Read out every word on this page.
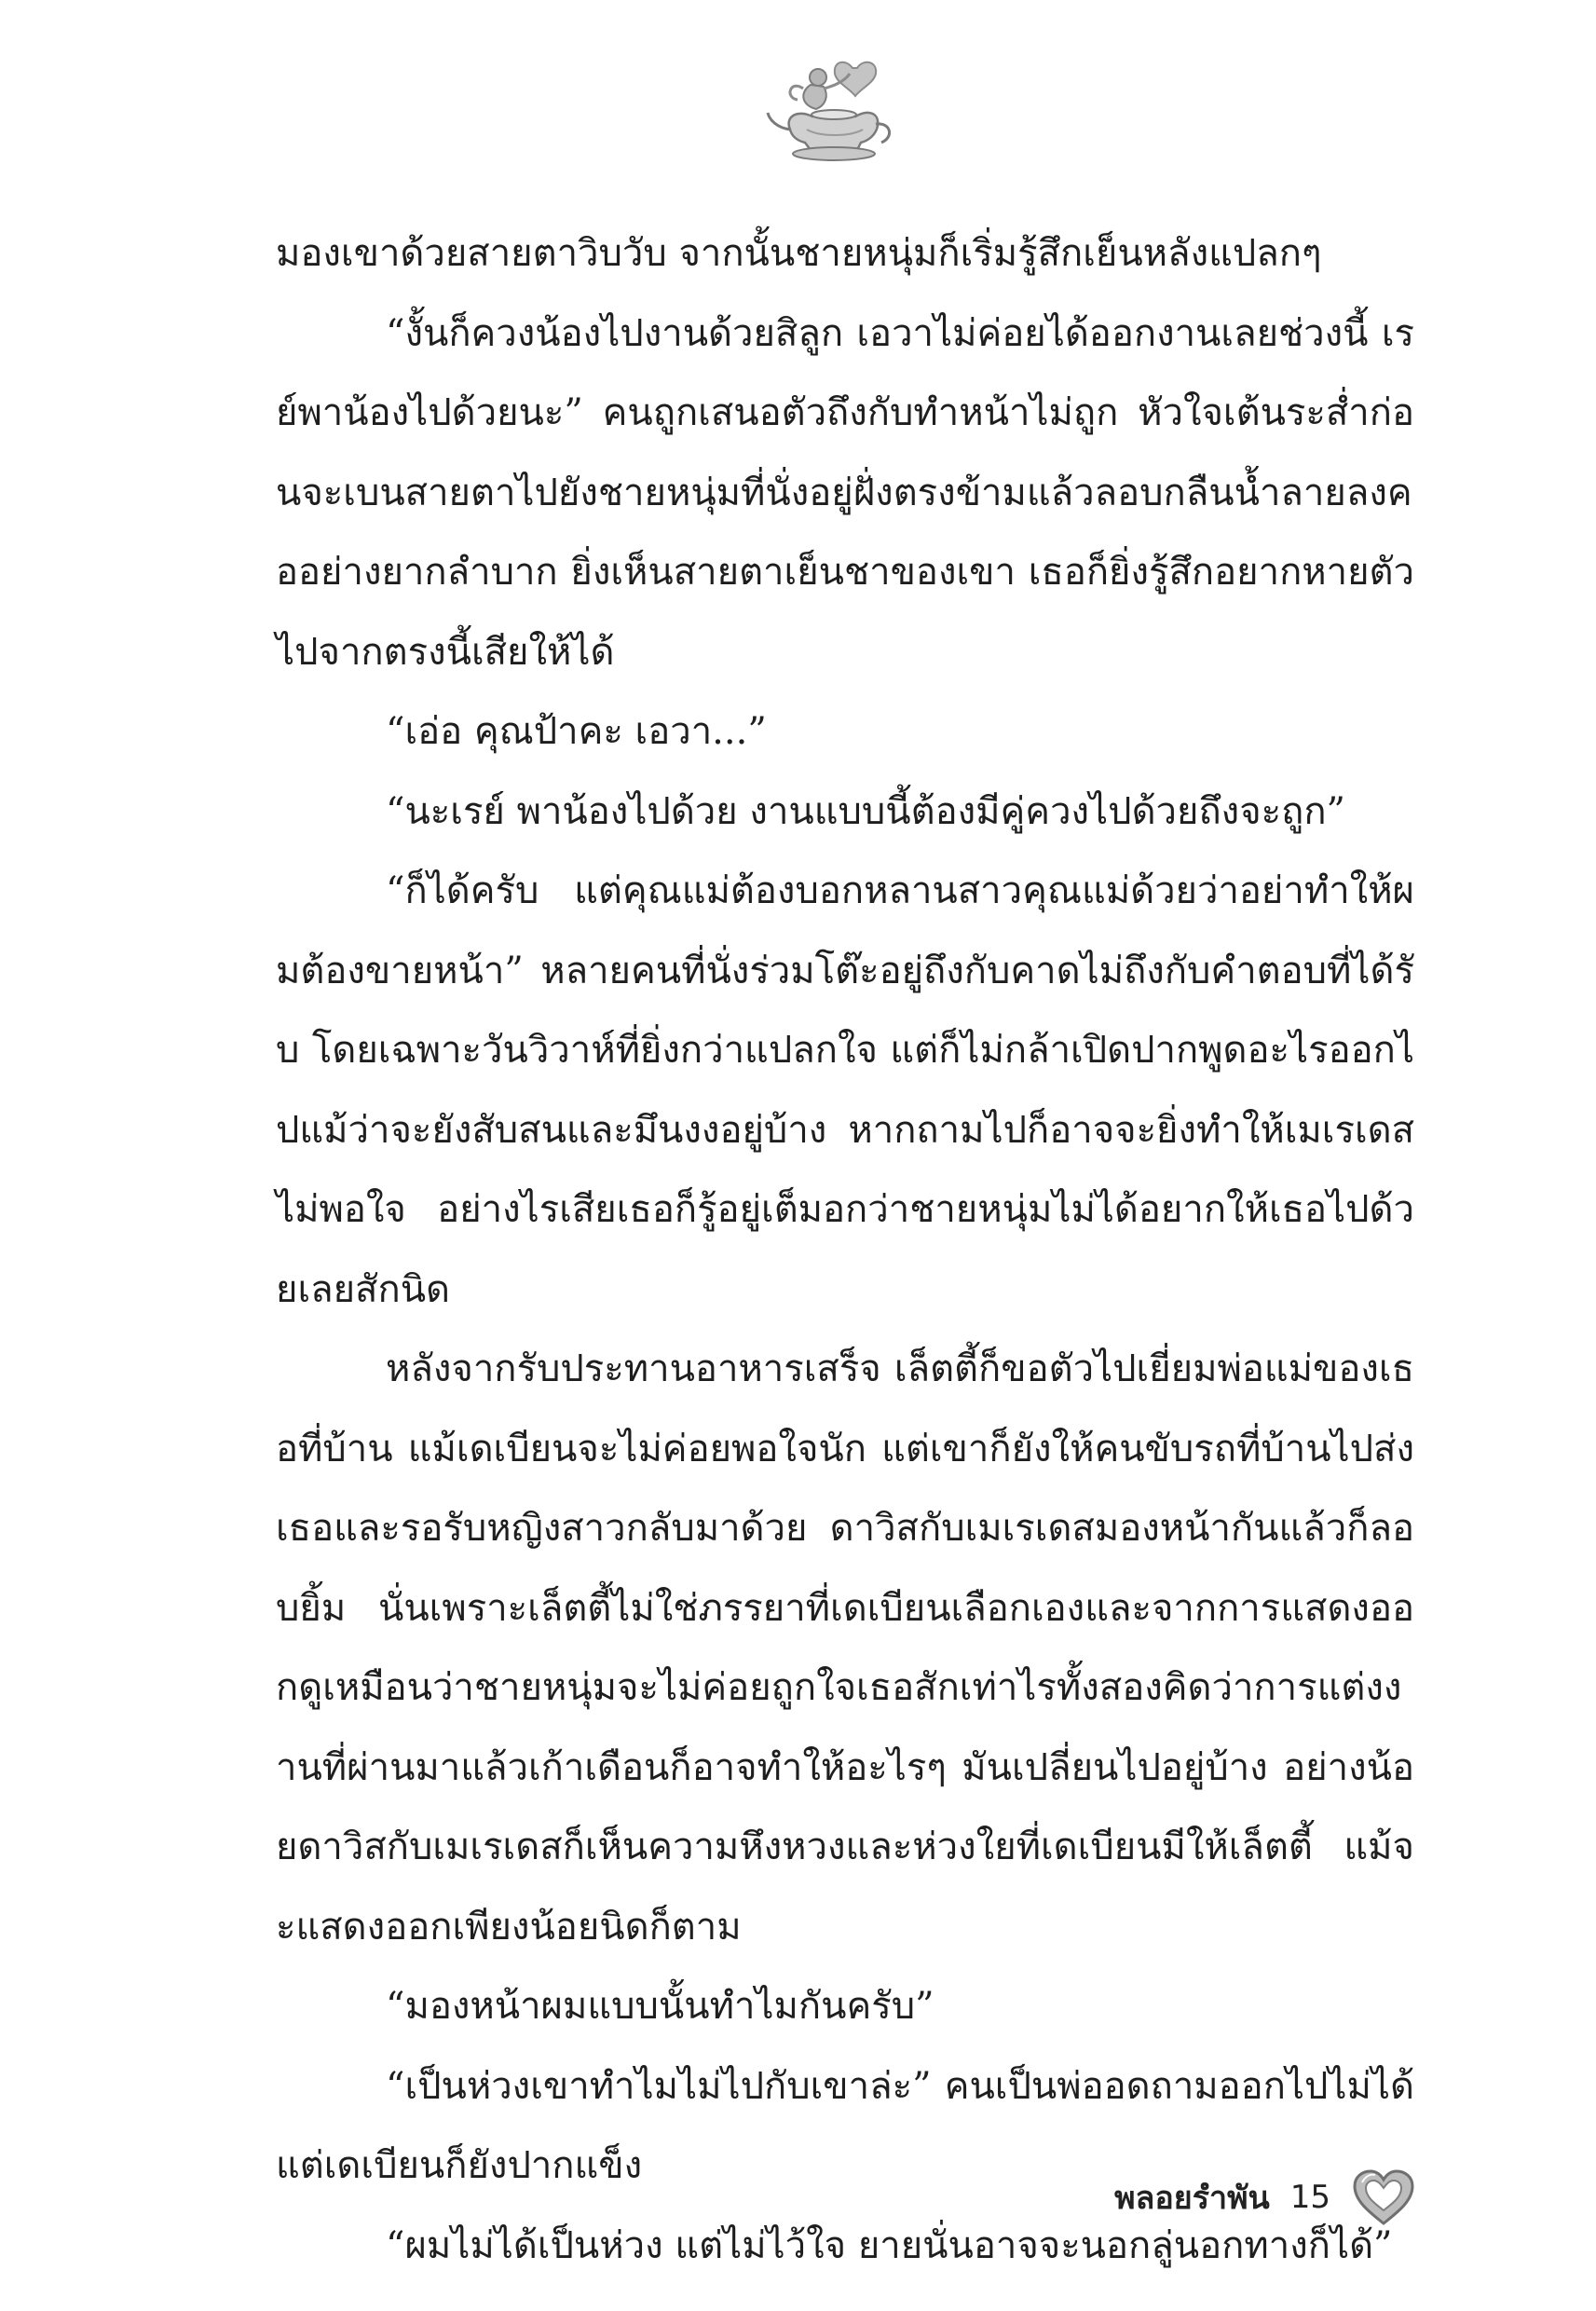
มองเขาด้วยสายตาวิบวับ จากนั้นชายหนุ่มก็เริ่มรู้สึกเย็นหลังแปลกๆ

“งั้นก็ควงน้องไปงานด้วยสิลูก เอวาไม่ค่อยได้ออกงานเลยช่วงนี้ เรย์พาน้องไปด้วยนะ” คนถูกเสนอตัวถึงกับทำหน้าไม่ถูก หัวใจเต้นระส่ำก่อนจะเบนสายตาไปยังชายหนุ่มที่นั่งอยู่ฝั่งตรงข้ามแล้วลอบกลืนน้ำลายลงคออย่างยากลำบาก ยิ่งเห็นสายตาเย็นชาของเขา เธอก็ยิ่งรู้สึกอยากหายตัวไปจากตรงนี้เสียให้ได้

“เอ่อ คุณป้าคะ เอวา...”

“นะเรย์ พาน้องไปด้วย งานแบบนี้ต้องมีคู่ควงไปด้วยถึงจะถูก”

“ก็ได้ครับ แต่คุณแม่ต้องบอกหลานสาวคุณแม่ด้วยว่าอย่าทำให้ผมต้องขายหน้า” หลายคนที่นั่งร่วมโต๊ะอยู่ถึงกับคาดไม่ถึงกับคำตอบที่ได้รับ โดยเฉพาะวันวิวาห์ที่ยิ่งกว่าแปลกใจ แต่ก็ไม่กล้าเปิดปากพูดอะไรออกไปแม้ว่าจะยังสับสนและมึนงงอยู่บ้าง หากถามไปก็อาจจะยิ่งทำให้เมเรเดสไม่พอใจ อย่างไรเสียเธอก็รู้อยู่เต็มอกว่าชายหนุ่มไม่ได้อยากให้เธอไปด้วยเลยสักนิด

หลังจากรับประทานอาหารเสร็จ เล็ตตี้ก็ขอตัวไปเยี่ยมพ่อแม่ของเธอที่บ้าน แม้เดเบียนจะไม่ค่อยพอใจนัก แต่เขาก็ยังให้คนขับรถที่บ้านไปส่งเธอและรอรับหญิงสาวกลับมาด้วย ดาวิสกับเมเรเดสมองหน้ากันแล้วก็ลอบยิ้ม นั่นเพราะเล็ตตี้ไม่ใช่ภรรยาที่เดเบียนเลือกเองและจากการแสดงออกดูเหมือนว่าชายหนุ่มจะไม่ค่อยถูกใจเธอสักเท่าไรทั้งสองคิดว่าการแต่งงานที่ผ่านมาแล้วเก้าเดือนก็อาจทำให้อะไรๆ มันเปลี่ยนไปอยู่บ้าง อย่างน้อยดาวิสกับเมเรเดสก็เห็นความหึงหวงและห่วงใยที่เดเบียนมีให้เล็ตตี้ แม้จะแสดงออกเพียงน้อยนิดก็ตาม

“มองหน้าผมแบบนั้นทำไมกันครับ”

“เป็นห่วงเขาทำไมไม่ไปกับเขาล่ะ” คนเป็นพ่ออดถามออกไปไม่ได้ แต่เดเบียนก็ยังปากแข็ง

“ผมไม่ได้เป็นห่วง แต่ไม่ไว้ใจ ยายนั่นอาจจะนอกลู่นอกทางก็ได้”

พลอยรำพัน 15
